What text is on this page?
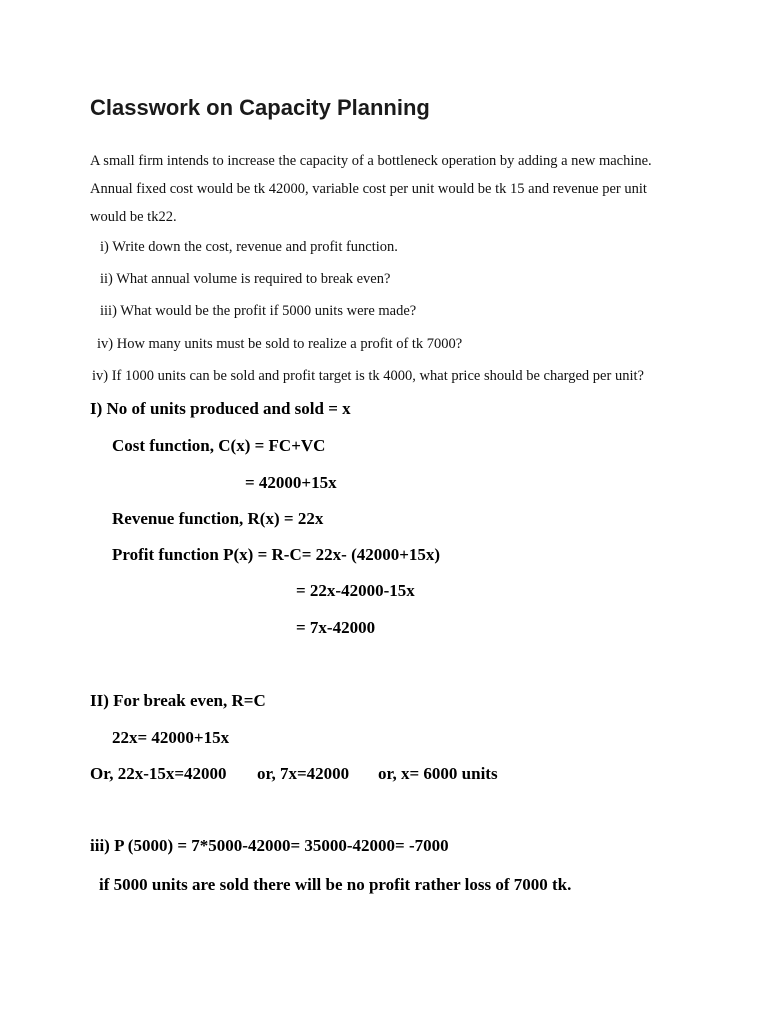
Classwork on Capacity Planning
A small firm intends to increase the capacity of a bottleneck operation by adding a new machine.
Annual fixed cost would be tk 42000, variable cost per unit would be tk 15 and revenue per unit
would be tk22.
i) Write down the cost, revenue and profit function.
ii) What annual volume is required to break even?
iii) What would be the profit if 5000 units were made?
iv) How many units must be sold to realize a profit of tk 7000?
iv) If 1000 units can be sold and profit target is tk 4000, what price should be charged per unit?
I) No of units produced and sold = x
Cost function, C(x) = FC+VC
= 42000+15x
Revenue function, R(x) = 22x
Profit function P(x) = R-C= 22x- (42000+15x)
= 22x-42000-15x
= 7x-42000
II) For break even, R=C
22x= 42000+15x
Or, 22x-15x=42000 or, 7x=42000 or, x= 6000 units
iii) P (5000) = 7*5000-42000= 35000-42000= -7000
if 5000 units are sold there will be no profit rather loss of 7000 tk.
